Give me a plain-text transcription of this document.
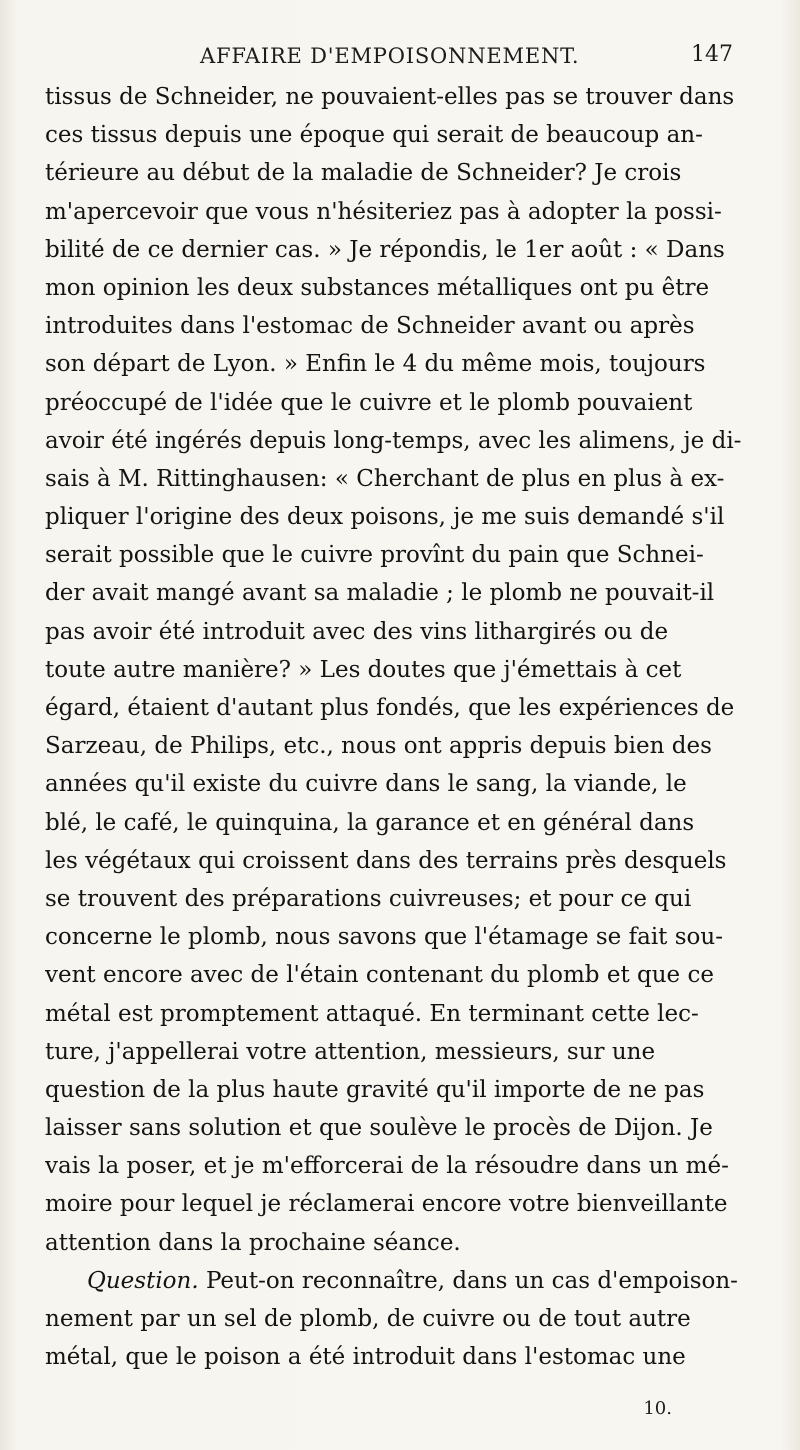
AFFAIRE D'EMPOISONNEMENT.	147
tissus de Schneider, ne pouvaient-elles pas se trouver dans
ces tissus depuis une époque qui serait de beaucoup an-
térieure au début de la maladie de Schneider? Je crois
m'apercevoir que vous n'hésiteriez pas à adopter la possi-
bilité de ce dernier cas. » Je répondis, le 1er août : « Dans
mon opinion les deux substances métalliques ont pu être
introduites dans l'estomac de Schneider avant ou après
son départ de Lyon. » Enfin le 4 du même mois, toujours
préoccupé de l'idée que le cuivre et le plomb pouvaient
avoir été ingérés depuis long-temps, avec les alimens, je di-
sais à M. Rittinghausen: « Cherchant de plus en plus à ex-
pliquer l'origine des deux poisons, je me suis demandé s'il
serait possible que le cuivre provînt du pain que Schnei-
der avait mangé avant sa maladie ; le plomb ne pouvait-il
pas avoir été introduit avec des vins lithargirés ou de
toute autre manière? » Les doutes que j'émettais à cet
égard, étaient d'autant plus fondés, que les expériences de
Sarzeau, de Philips, etc., nous ont appris depuis bien des
années qu'il existe du cuivre dans le sang, la viande, le
blé, le café, le quinquina, la garance et en général dans
les végétaux qui croissent dans des terrains près desquels
se trouvent des préparations cuivreuses; et pour ce qui
concerne le plomb, nous savons que l'étamage se fait sou-
vent encore avec de l'étain contenant du plomb et que ce
métal est promptement attaqué. En terminant cette lec-
ture, j'appellerai votre attention, messieurs, sur une
question de la plus haute gravité qu'il importe de ne pas
laisser sans solution et que soulève le procès de Dijon. Je
vais la poser, et je m'efforcerai de la résoudre dans un mé-
moire pour lequel je réclamerai encore votre bienveillante
attention dans la prochaine séance.
Question. Peut-on reconnaître, dans un cas d'empoison-
nement par un sel de plomb, de cuivre ou de tout autre
métal, que le poison a été introduit dans l'estomac une
10.
